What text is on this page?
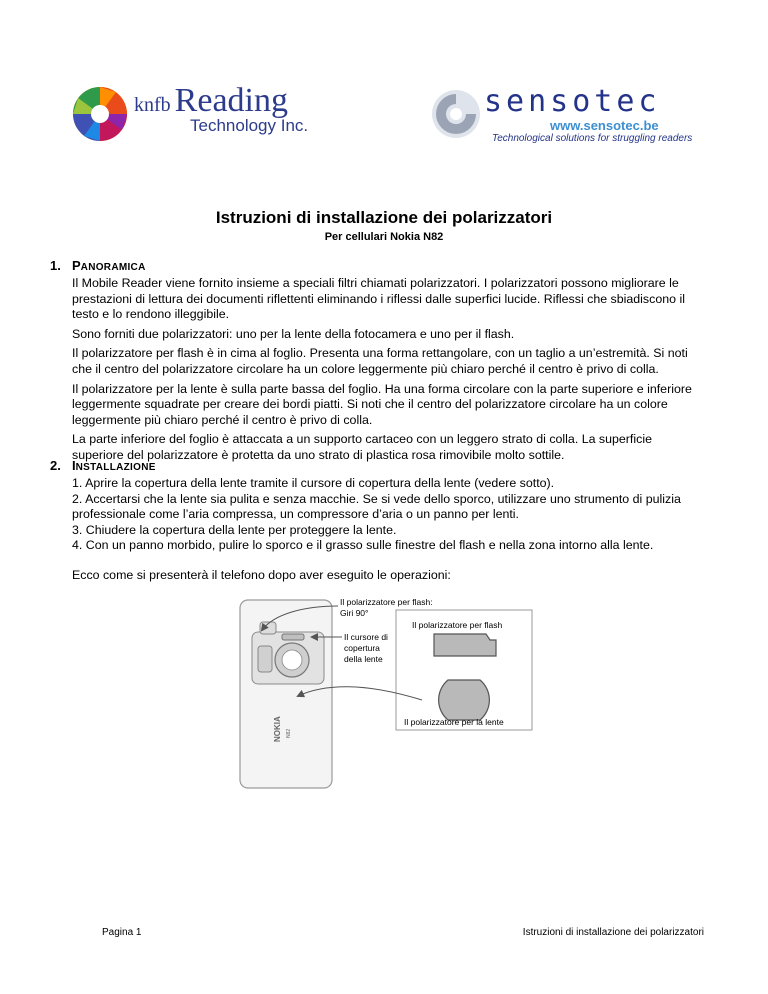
knfb Reading
Technology Inc.
sensotec
www.sensotec.be
Technological solutions for struggling readers
Istruzioni di installazione dei polarizzatori
Per cellulari Nokia N82
1. PANORAMICA

Il Mobile Reader viene fornito insieme a speciali filtri chiamati polarizzatori. I polarizzatori possono migliorare le prestazioni di lettura dei documenti riflettenti eliminando i riflessi dalle superfici lucide. Riflessi che sbiadiscono il testo e lo rendono illeggibile.

Sono forniti due polarizzatori: uno per la lente della fotocamera e uno per il flash.

Il polarizzatore per flash è in cima al foglio. Presenta una forma rettangolare, con un taglio a un’estremità. Si noti che il centro del polarizzatore circolare ha un colore leggermente più chiaro perché il centro è privo di colla.

Il polarizzatore per la lente è sulla parte bassa del foglio. Ha una forma circolare con la parte superiore e inferiore leggermente squadrate per creare dei bordi piatti. Si noti che il centro del polarizzatore circolare ha un colore leggermente più chiaro perché il centro è privo di colla.

La parte inferiore del foglio è attaccata a un supporto cartaceo con un leggero strato di colla. La superficie superiore del polarizzatore è protetta da uno strato di plastica rosa rimovibile molto sottile.

2. INSTALLAZIONE

1. Aprire la copertura della lente tramite il cursore di copertura della lente (vedere sotto).

2. Accertarsi che la lente sia pulita e senza macchie. Se si vede dello sporco, utilizzare uno strumento di pulizia professionale come l’aria compressa, un compressore d’aria o un panno per lenti.

3. Chiudere la copertura della lente per proteggere la lente.

4. Con un panno morbido, pulire lo sporco e il grasso sulle finestre del flash e nella zona intorno alla lente.

Ecco come si presenterà il telefono dopo aver eseguito le operazioni:

NOKIA N82
Il polarizzatore per flash:
Giri 90°
Il polarizzatore per flash
Il cursore di
copertura
della lente
Il polarizzatore per la lente
Pagina 1	Istruzioni di installazione dei polarizzatori
